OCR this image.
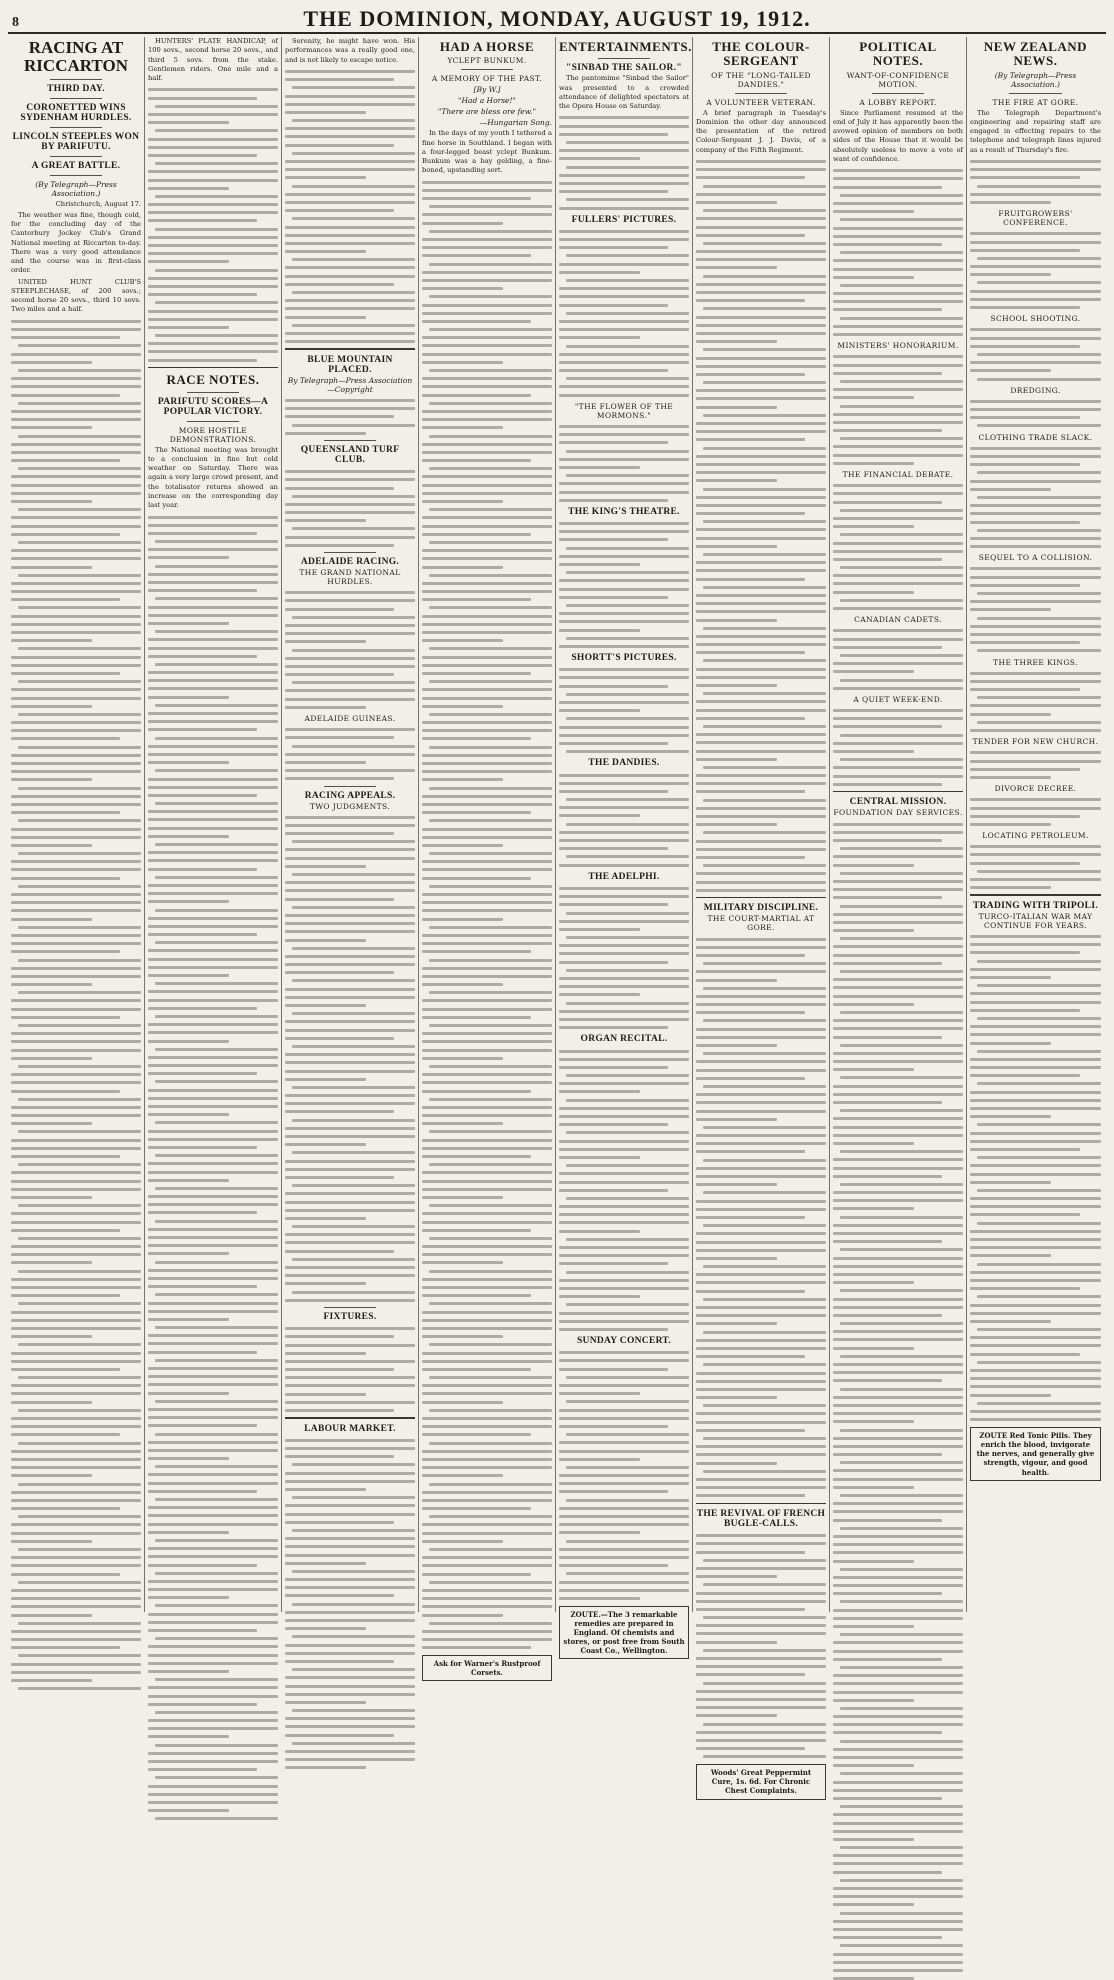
8	THE DOMINION, MONDAY, AUGUST 19, 1912.
RACING AT RICCARTON
THIRD DAY.
CORONETTED WINS SYDENHAM HURDLES.
LINCOLN STEEPLES WON BY PARIFUTU.
A GREAT BATTLE.
(By Telegraph—Press Association.)

Christchurch, August 17.

The weather was fine, though cold, for the concluding day of the Canterbury Jockey Club's Grand National meeting at Riccarton to-day. There was a very good attendance and the course was in first-class order.

UNITED HUNT CLUB'S STEEPLECHASE, of 200 sovs.; second horse 20 sovs., third 10 sovs. Two miles and a half.

HUNTERS' PLATE HANDICAP, of 100 sovs., second horse 20 sovs., and third 5 sovs. from the stake. Gentlemen riders. One mile and a half.

RACE NOTES.
PARIFUTU SCORES—A POPULAR VICTORY.
MORE HOSTILE DEMONSTRATIONS.

The National meeting was brought to a conclusion in fine but cold weather on Saturday. There was again a very large crowd present, and the totalisator returns showed an increase on the corresponding day last year.

Serenity, he might have won. His performances was a really good one, and is not likely to escape notice.

BLUE MOUNTAIN PLACED.
By Telegraph—Press Association—Copyright
QUEENSLAND TURF CLUB.
ADELAIDE RACING.
THE GRAND NATIONAL HURDLES.
ADELAIDE GUINEAS.
RACING APPEALS.
TWO JUDGMENTS.
FIXTURES.
LABOUR MARKET.
HAD A HORSE
YCLEPT BUNKUM.
A MEMORY OF THE PAST.
[By W.]
"Had a Horse!"
"There are bless ore few."
—Hungarian Song.

In the days of my youth I tethered a fine horse in Southland. I began with a four-legged beast yclept Bunkum. Bunkum was a bay gelding, a fine-boned, upstanding sort.

Ask for Warner's Rustproof Corsets.
ENTERTAINMENTS.
"SINBAD THE SAILOR."

The pantomime "Sinbad the Sailor" was presented to a crowded attendance of delighted spectators at the Opera House on Saturday.

FULLERS' PICTURES.
"THE FLOWER OF THE MORMONS."
THE KING'S THEATRE.
SHORTT'S PICTURES.
THE DANDIES.
THE ADELPHI.
ORGAN RECITAL.
SUNDAY CONCERT.
ZOUTE.—The 3 remarkable remedies are prepared in England. Of chemists and stores, or post free from South Coast Co., Wellington.
THE COLOUR-SERGEANT
OF THE "LONG-TAILED DANDIES."
A VOLUNTEER VETERAN.

A brief paragraph in Tuesday's Dominion the other day announced the presentation of the retired Colour-Sergeant J. J. Davis, of a company of the Fifth Regiment.

MILITARY DISCIPLINE.
THE COURT-MARTIAL AT GORE.
THE REVIVAL OF FRENCH BUGLE-CALLS.
Woods' Great Peppermint Cure, 1s. 6d. For Chronic Chest Complaints.
POLITICAL NOTES.
WANT-OF-CONFIDENCE MOTION.
A LOBBY REPORT.

Since Parliament resumed at the end of July it has apparently been the avowed opinion of members on both sides of the House that it would be absolutely useless to move a vote of want of confidence.

MINISTERS' HONORARIUM.
THE FINANCIAL DEBATE.
CANADIAN CADETS.
A QUIET WEEK-END.
CENTRAL MISSION.
FOUNDATION DAY SERVICES.
NEW ZEALAND NEWS.
(By Telegraph—Press Association.)
THE FIRE AT GORE.

The Telegraph Department's engineering and repairing staff are engaged in effecting repairs to the telephone and telegraph lines injured as a result of Thursday's fire.

FRUITGROWERS' CONFERENCE.
SCHOOL SHOOTING.
DREDGING.
CLOTHING TRADE SLACK.
SEQUEL TO A COLLISION.
THE THREE KINGS.
TENDER FOR NEW CHURCH.
DIVORCE DECREE.
LOCATING PETROLEUM.
TRADING WITH TRIPOLI.
TURCO-ITALIAN WAR MAY CONTINUE FOR YEARS.
ZOUTE Red Tonic Pills. They enrich the blood, invigorate the nerves, and generally give strength, vigour, and good health.
